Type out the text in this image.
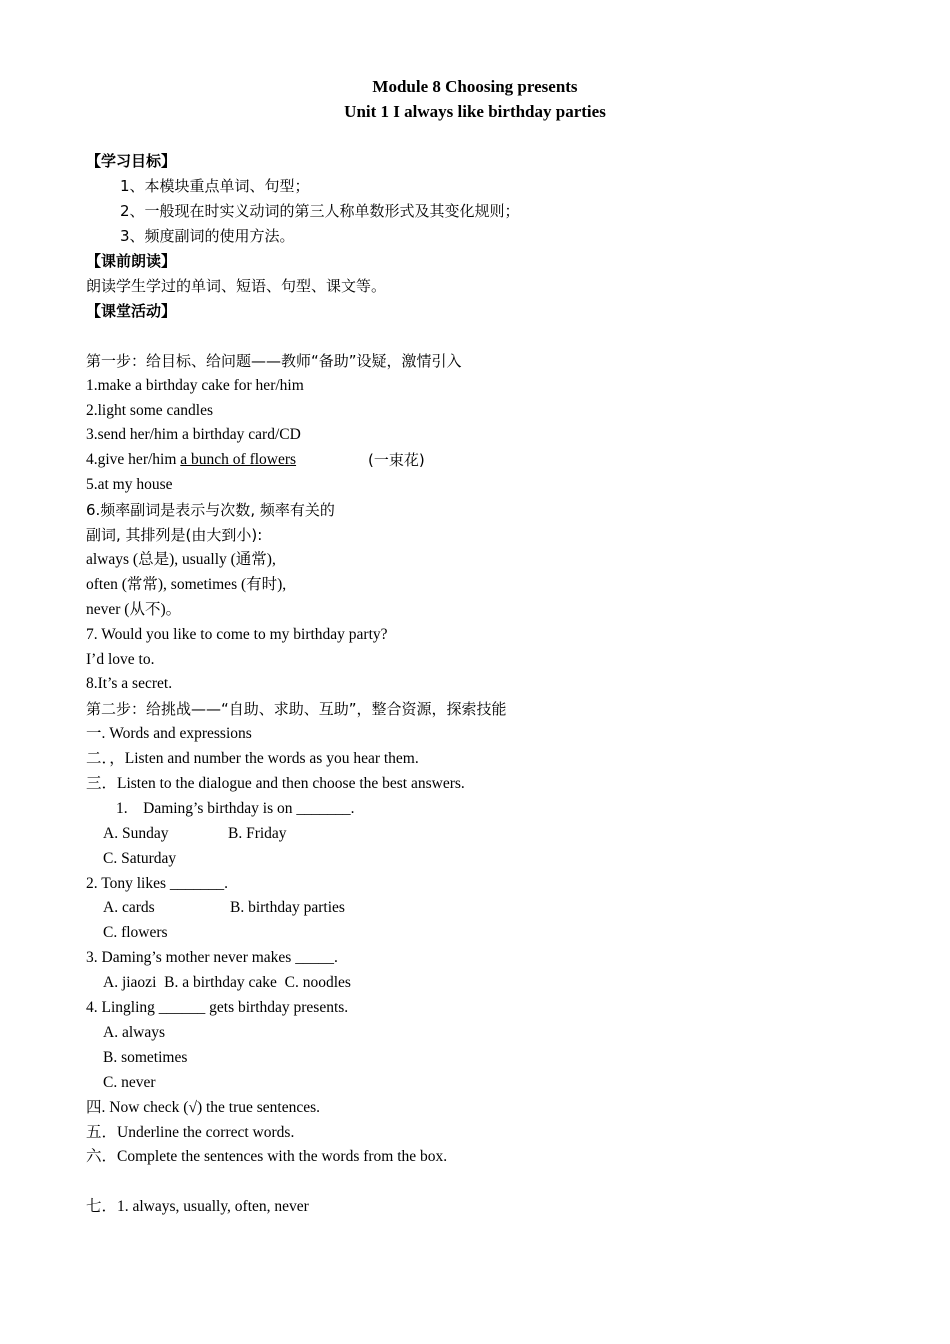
Module 8 Choosing presents
Unit 1 I always like birthday parties
【学习目标】
1、本模块重点单词、句型；
2、一般现在时实义动词的第三人称单数形式及其变化规则；
3、频度副词的使用方法。
【课前朗读】
朗读学生学过的单词、短语、句型、课文等。
【课堂活动】
第一步：给目标、给问题——教师“备助”设疑，激情引入
1.make a birthday cake for her/him
2.light some candles
3.send her/him a birthday card/CD
4.give her/him a bunch of flowers	(一束花)
5.at my house
6.频率副词是表示与次数, 频率有关的
副词, 其排列是(由大到小):
always (总是), usually (通常),
often (常常), sometimes (有时),
never (从不)。
7. Would you like to come to my birthday party?
I’d love to.
8.It’s a secret.
第二步：给挑战——“自助、求助、互助”，整合资源，探索技能
一. Words and expressions
二．，Listen and number the words as you hear them.
三．Listen to the dialogue and then choose the best answers.
1.    Daming’s birthday is on _______.
A. Sunday	B. Friday
C. Saturday
2. Tony likes _______.
A. cards	B. birthday parties
C. flowers
3. Daming’s mother never makes _____.
A. jiaozi  B. a birthday cake  C. noodles
4. Lingling ______ gets birthday presents.
A. always
B. sometimes
C. never
四. Now check (√) the true sentences.
五．Underline the correct words.
六．Complete the sentences with the words from the box.
七．1. always, usually, often, never
